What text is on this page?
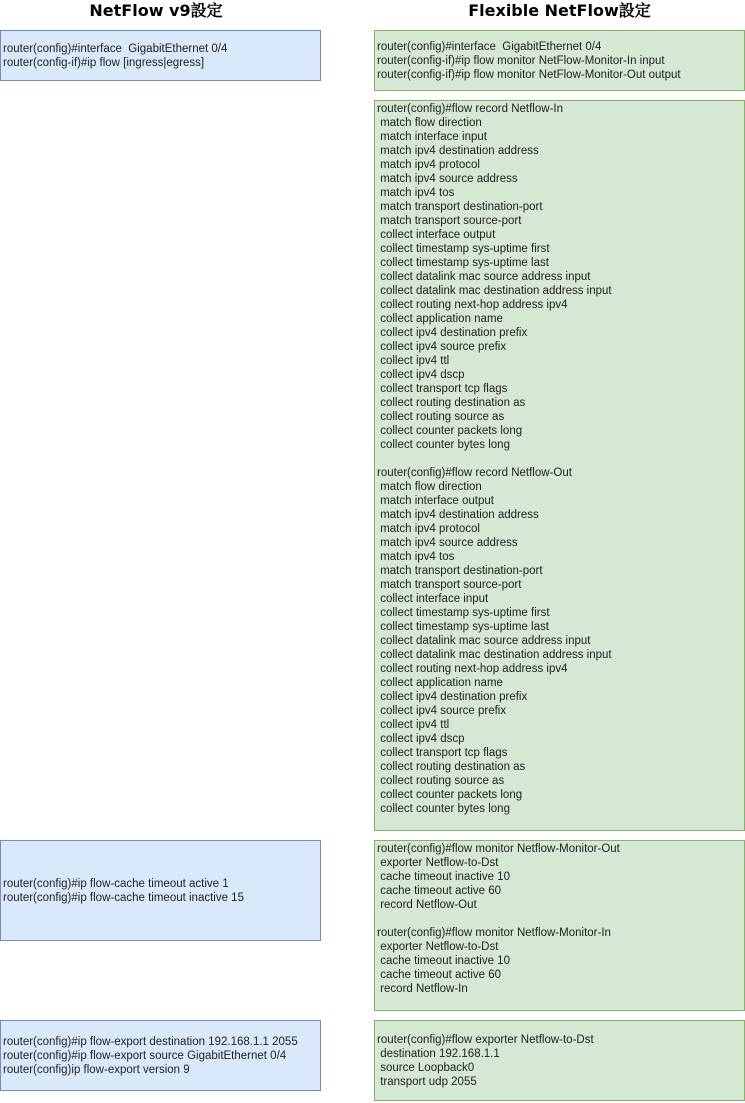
NetFlow v9設定	Flexible NetFlow設定
router(config)#interface  GigabitEthernet 0/4
router(config-if)#ip flow [ingress|egress]
router(config)#ip flow-cache timeout active 1
router(config)#ip flow-cache timeout inactive 15
router(config)#ip flow-export destination 192.168.1.1 2055
router(config)#ip flow-export source GigabitEthernet 0/4
router(config)ip flow-export version 9
router(config)#interface  GigabitEthernet 0/4
router(config-if)#ip flow monitor NetFlow-Monitor-In input
router(config-if)#ip flow monitor NetFlow-Monitor-Out output
router(config)#flow record Netflow-In
match flow direction
match interface input
match ipv4 destination address
match ipv4 protocol
match ipv4 source address
match ipv4 tos
match transport destination-port
match transport source-port
collect interface output
collect timestamp sys-uptime first
collect timestamp sys-uptime last
collect datalink mac source address input
collect datalink mac destination address input
collect routing next-hop address ipv4
collect application name
collect ipv4 destination prefix
collect ipv4 source prefix
collect ipv4 ttl
collect ipv4 dscp
collect transport tcp flags
collect routing destination as
collect routing source as
collect counter packets long
collect counter bytes long
router(config)#flow record Netflow-Out
match flow direction
match interface output
match ipv4 destination address
match ipv4 protocol
match ipv4 source address
match ipv4 tos
match transport destination-port
match transport source-port
collect interface input
collect timestamp sys-uptime first
collect timestamp sys-uptime last
collect datalink mac source address input
collect datalink mac destination address input
collect routing next-hop address ipv4
collect application name
collect ipv4 destination prefix
collect ipv4 source prefix
collect ipv4 ttl
collect ipv4 dscp
collect transport tcp flags
collect routing destination as
collect routing source as
collect counter packets long
collect counter bytes long
router(config)#flow monitor Netflow-Monitor-Out
exporter Netflow-to-Dst
cache timeout inactive 10
cache timeout active 60
record Netflow-Out
router(config)#flow monitor Netflow-Monitor-In
exporter Netflow-to-Dst
cache timeout inactive 10
cache timeout active 60
record Netflow-In
router(config)#flow exporter Netflow-to-Dst
destination 192.168.1.1
source Loopback0
transport udp 2055
